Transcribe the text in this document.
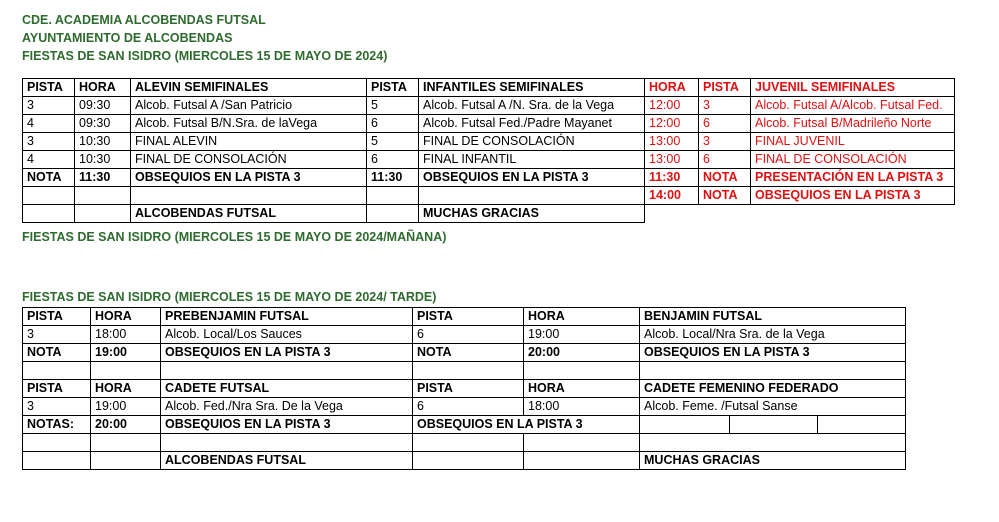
CDE. ACADEMIA ALCOBENDAS FUTSAL
AYUNTAMIENTO DE ALCOBENDAS
FIESTAS DE SAN ISIDRO (MIERCOLES 15 DE MAYO DE 2024)
PISTA	HORA	ALEVIN SEMIFINALES	PISTA	INFANTILES SEMIFINALES	HORA	PISTA	JUVENIL SEMIFINALES
3	09:30	Alcob. Futsal A /San Patricio	5	Alcob. Futsal A /N. Sra. de la Vega	12:00	3	Alcob. Futsal A/Alcob. Futsal Fed.
4	09:30	Alcob. Futsal B/N.Sra. de laVega	6	Alcob. Futsal Fed./Padre Mayanet	12:00	6	Alcob. Futsal B/Madrileño Norte
3	10:30	FINAL ALEVIN	5	FINAL DE CONSOLACIÓN	13:00	3	FINAL JUVENIL
4	10:30	FINAL DE CONSOLACIÓN	6	FINAL INFANTIL	13:00	6	FINAL DE CONSOLACIÓN
NOTA	11:30	OBSEQUIOS EN LA PISTA 3	11:30	OBSEQUIOS EN LA PISTA 3	11:30	NOTA	PRESENTACIÓN EN LA PISTA 3
					14:00	NOTA	OBSEQUIOS EN LA PISTA 3
		ALCOBENDAS FUTSAL		MUCHAS GRACIAS			
FIESTAS DE SAN ISIDRO (MIERCOLES 15 DE MAYO DE 2024/MAÑANA)
FIESTAS DE SAN ISIDRO (MIERCOLES 15 DE MAYO DE 2024/ TARDE)
PISTA	HORA	PREBENJAMIN FUTSAL	PISTA	HORA	BENJAMIN FUTSAL		
3	18:00	Alcob. Local/Los Sauces	6	19:00	Alcob. Local/Nra Sra. de la Vega		
NOTA	19:00	OBSEQUIOS EN LA PISTA 3	NOTA	20:00	OBSEQUIOS EN LA PISTA 3		

PISTA	HORA	CADETE FUTSAL	PISTA	HORA	CADETE FEMENINO FEDERADO		
3	19:00	Alcob. Fed./Nra Sra. De la Vega	6	18:00	Alcob. Feme. /Futsal Sanse		
NOTAS:	20:00	OBSEQUIOS EN LA PISTA 3	OBSEQUIOS EN LA PISTA 3				

		ALCOBENDAS FUTSAL			MUCHAS GRACIAS		
